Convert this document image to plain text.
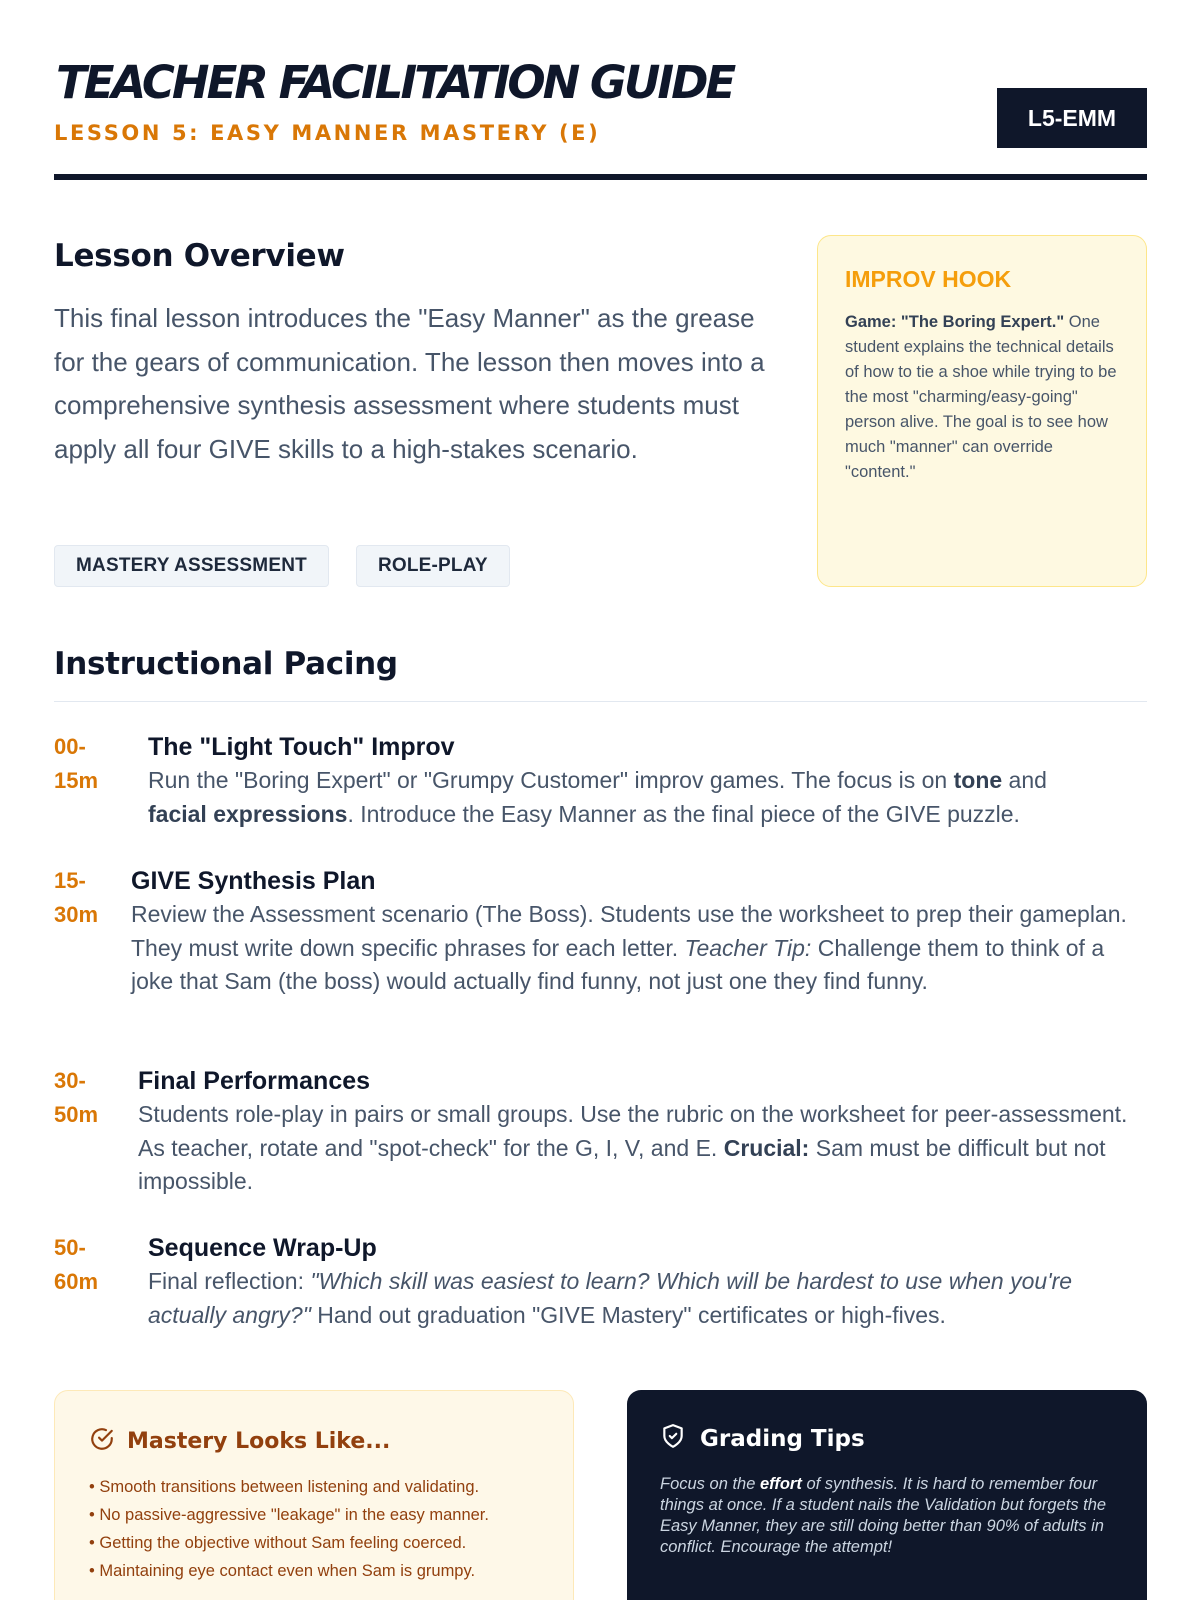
TEACHER FACILITATION GUIDE
LESSON 5: EASY MANNER MASTERY (E)
L5-EMM
Lesson Overview

This final lesson introduces the "Easy Manner" as the grease for the gears of communication. The lesson then moves into a comprehensive synthesis assessment where students must apply all four GIVE skills to a high-stakes scenario.

MASTERY ASSESSMENT	ROLE-PLAY
IMPROV HOOK

Game: "The Boring Expert." One student explains the technical details of how to tie a shoe while trying to be the most "charming/easy-going" person alive. The goal is to see how much "manner" can override "content."

Instructional Pacing
00-
15m
The "Light Touch" Improv

Run the "Boring Expert" or "Grumpy Customer" improv games. The focus is on tone and facial expressions. Introduce the Easy Manner as the final piece of the GIVE puzzle.

15-
30m
GIVE Synthesis Plan

Review the Assessment scenario (The Boss). Students use the worksheet to prep their gameplan. They must write down specific phrases for each letter. Teacher Tip: Challenge them to think of a joke that Sam (the boss) would actually find funny, not just one they find funny.

30-
50m
Final Performances

Students role-play in pairs or small groups. Use the rubric on the worksheet for peer-assessment. As teacher, rotate and "spot-check" for the G, I, V, and E. Crucial: Sam must be difficult but not impossible.

50-
60m
Sequence Wrap-Up

Final reflection: "Which skill was easiest to learn? Which will be hardest to use when you're actually angry?" Hand out graduation "GIVE Mastery" certificates or high-fives.

Mastery Looks Like...
• Smooth transitions between listening and validating.
• No passive-aggressive "leakage" in the easy manner.
• Getting the objective without Sam feeling coerced.
• Maintaining eye contact even when Sam is grumpy.
Grading Tips

Focus on the effort of synthesis. It is hard to remember four things at once. If a student nails the Validation but forgets the Easy Manner, they are still doing better than 90% of adults in conflict. Encourage the attempt!
